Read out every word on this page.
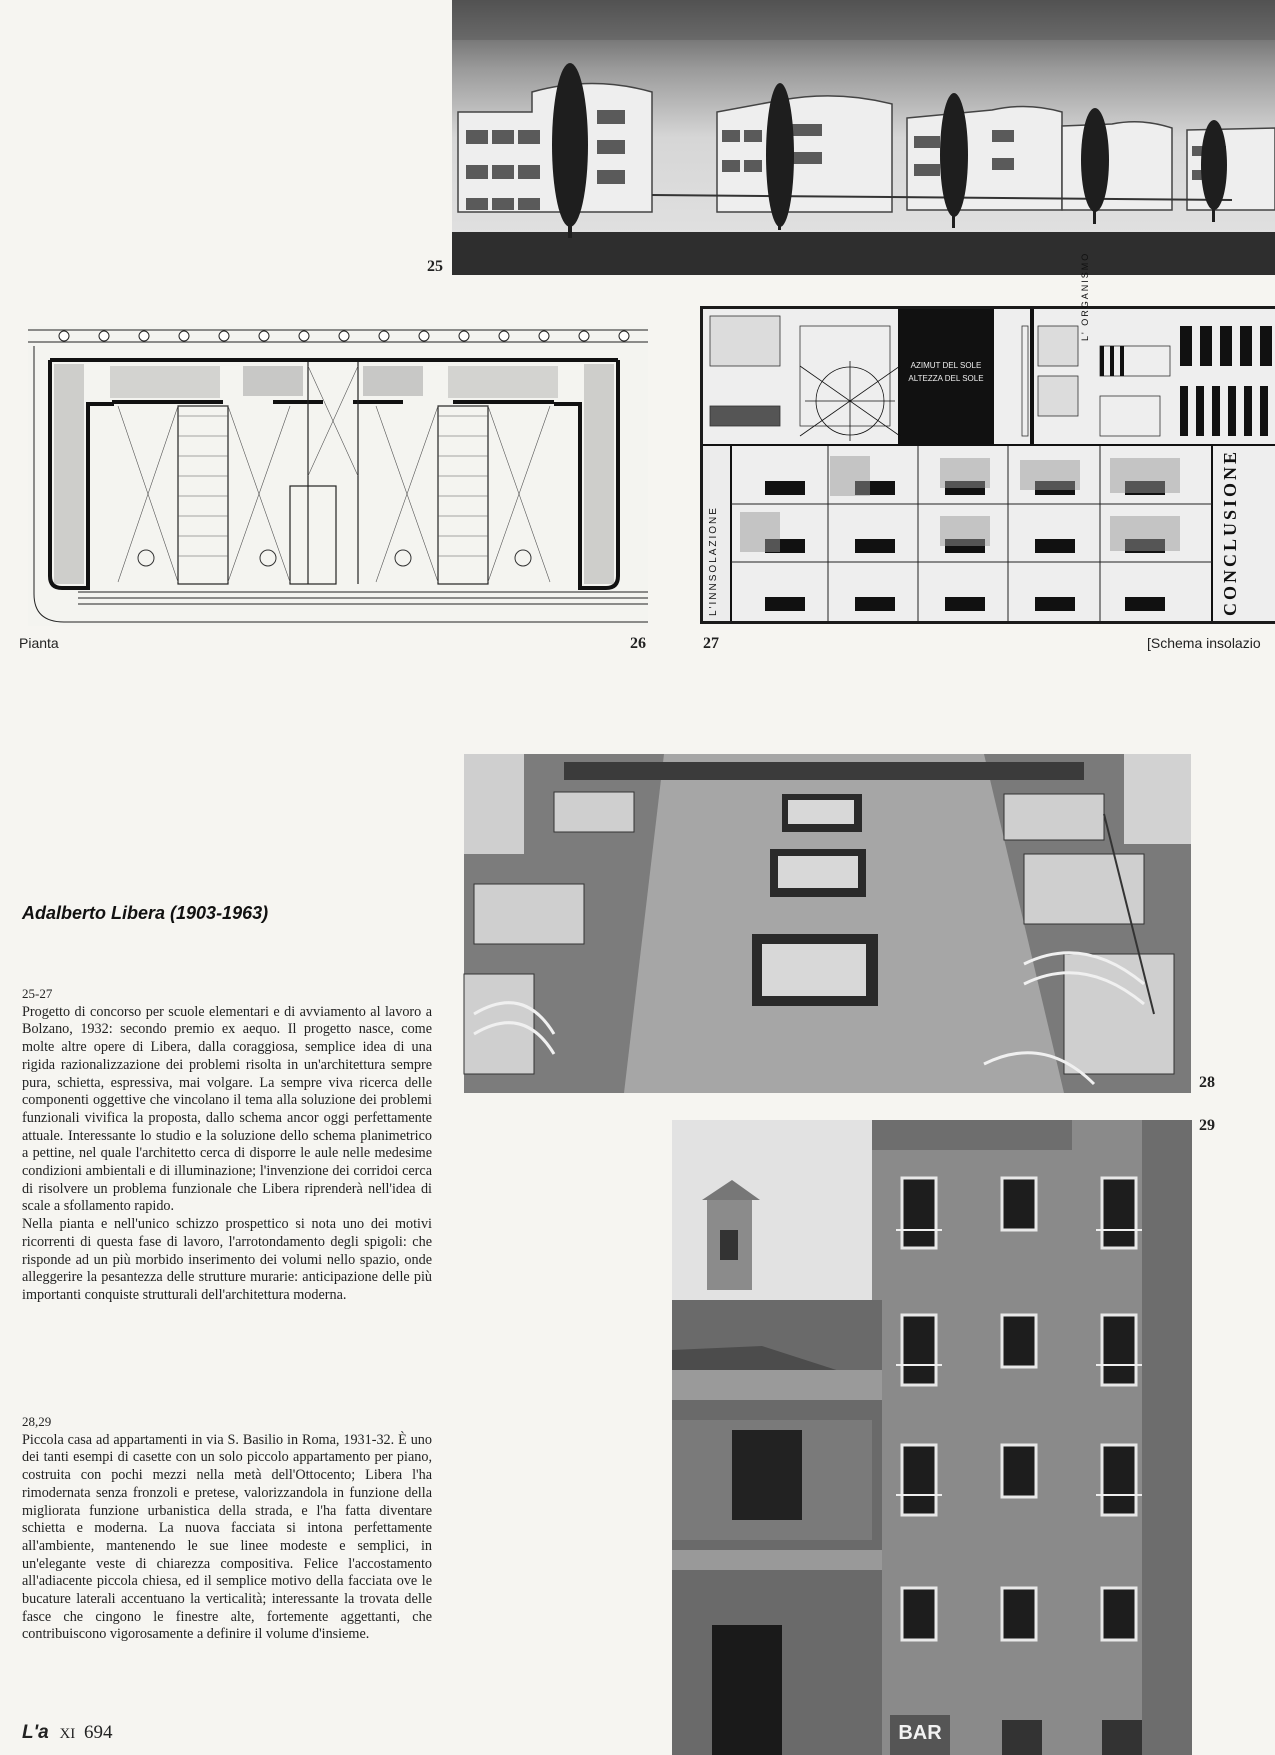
25
Pianta	26
AZIMUT DEL SOLE
ALTEZZA DEL SOLE
L' ORGANISMO
L'INNSOLAZIONE	CONCLUSIONE
27	[Schema insolazio
28
BAR
29
Adalberto Libera (1903-1963)
25-27

Progetto di concorso per scuole elementari e di avviamento al lavoro a Bolzano, 1932: secondo premio ex aequo. Il progetto nasce, come molte altre opere di Libera, dalla coraggiosa, semplice idea di una rigida razionalizzazione dei problemi risolta in un'architettura sempre pura, schietta, espressiva, mai volgare. La sempre viva ricerca delle componenti oggettive che vincolano il tema alla soluzione dei problemi funzionali vivifica la proposta, dallo schema ancor oggi perfettamente attuale. Interessante lo studio e la soluzione dello schema planimetrico a pettine, nel quale l'architetto cerca di disporre le aule nelle medesime condizioni ambientali e di illuminazione; l'invenzione dei corridoi cerca di risolvere un problema funzionale che Libera riprenderà nell'idea di scale a sfollamento rapido.

Nella pianta e nell'unico schizzo prospettico si nota uno dei motivi ricorrenti di questa fase di lavoro, l'arrotondamento degli spigoli: che risponde ad un più morbido inserimento dei volumi nello spazio, onde alleggerire la pesantezza delle strutture murarie: anticipazione delle più importanti conquiste strutturali dell'architettura moderna.

28,29

Piccola casa ad appartamenti in via S. Basilio in Roma, 1931-32. È uno dei tanti esempi di casette con un solo piccolo appartamento per piano, costruita con pochi mezzi nella metà dell'Ottocento; Libera l'ha rimodernata senza fronzoli e pretese, valorizzandola in funzione della migliorata funzione urbanistica della strada, e l'ha fatta diventare schietta e moderna. La nuova facciata si intona perfettamente all'ambiente, mantenendo le sue linee modeste e semplici, in un'elegante veste di chiarezza compositiva. Felice l'accostamento all'adiacente piccola chiesa, ed il semplice motivo della facciata ove le bucature laterali accentuano la verticalità; interessante la trovata delle fasce che cingono le finestre alte, fortemente aggettanti, che contribuiscono vigorosamente a definire il volume d'insieme.

L'a XI 694
